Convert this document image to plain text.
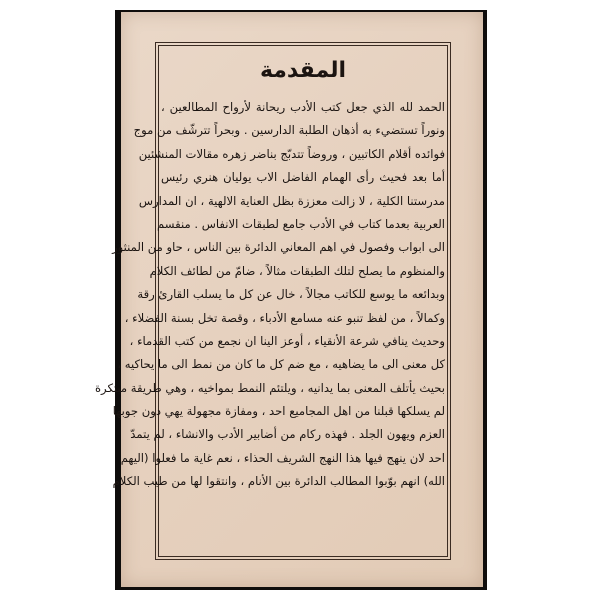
المقدمة
الحمد لله الذي جعل كتب الأدب ريحانة لأرواح المطالعين ،
ونوراً تستضيء به أذهان الطلبة الدارسين . وبحراً تترشّف من موج
فوائده أقلام الكاتبين ، وروضاً تتدبّج بناضر زهره مقالات المنشئين
أما بعد فحيث رأى الهمام الفاضل الاب يوليان هنري رئيس
مدرستنا الكلية ، لا زالت معززة بظل العناية الالهية ، ان المدارس
العربية بعدما كتاب في الأدب جامع لطبقات الانفاس . منقسم
الى ابواب وفصول في اهم المعاني الدائرة بين الناس ، حاو من المنثور
والمنظوم ما يصلح لتلك الطبقات مثالاً ، ضامّ من لطائف الكلام
وبدائعه ما يوسع للكاتب مجالاً ، خال عن كل ما يسلب القارئ رقة
وكمالاً ، من لفظ تنبو عنه مسامع الأدباء ، وقصة تخل بسنة الفضلاء ،
وحديث ينافي شرعة الأنقياء ، أوعز الينا ان نجمع من كتب القدماء ،
كل معنى الى ما يضاهيه ، مع ضم كل ما كان من نمط الى ما يحاكيه ،
بحيث يأتلف المعنى بما يدانيه ، ويلتئم النمط بمواخيه ، وهي طريقة مبتكرة
لم يسلكها قبلنا من اهل المجاميع احد ، ومفازة مجهولة يهي دون جوبها
العزم ويهون الجلد . فهذه ركام من أضابير الأدب والانشاء ، لم يتمدّ
احد لان ينهج فيها هذا النهج الشريف الحذاء ، نعم غاية ما فعلوا (اليهم
الله) انهم بوّبوا المطالب الدائرة بين الأنام ، وانتقوا لها من طيب الكلام
